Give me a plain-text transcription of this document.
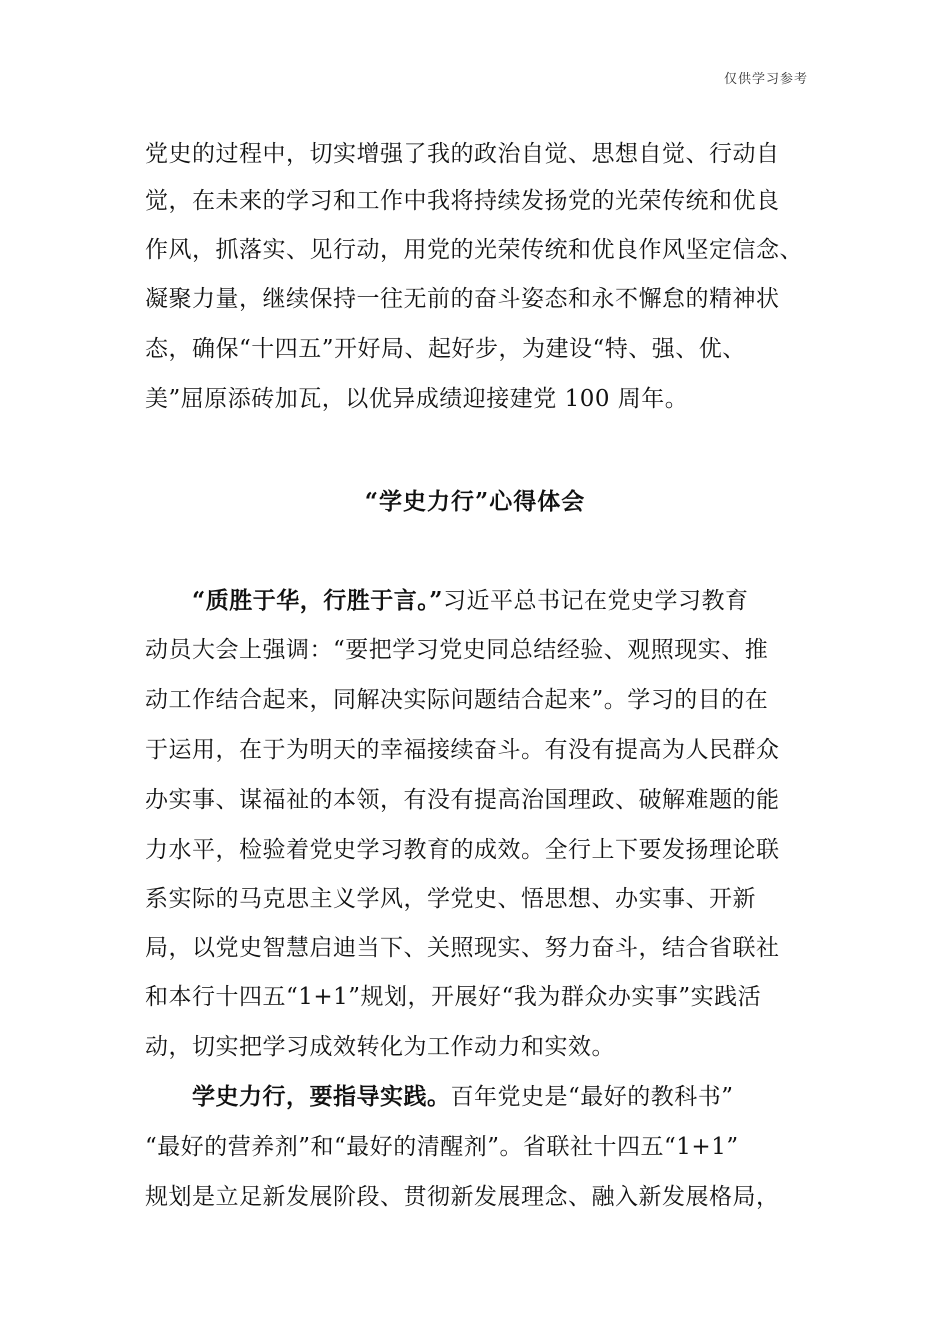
仅供学习参考
党史的过程中，切实增强了我的政治自觉、思想自觉、行动自
觉，在未来的学习和工作中我将持续发扬党的光荣传统和优良
作风，抓落实、见行动，用党的光荣传统和优良作风坚定信念、
凝聚力量，继续保持一往无前的奋斗姿态和永不懈怠的精神状
态，确保“十四五”开好局、起好步，为建设“特、强、优、
美”屈原添砖加瓦，以优异成绩迎接建党 100 周年。
“学史力行”心得体会
“质胜于华，行胜于言。”习近平总书记在党史学习教育
动员大会上强调：“要把学习党史同总结经验、观照现实、推
动工作结合起来，同解决实际问题结合起来”。学习的目的在
于运用，在于为明天的幸福接续奋斗。有没有提高为人民群众
办实事、谋福祉的本领，有没有提高治国理政、破解难题的能
力水平，检验着党史学习教育的成效。全行上下要发扬理论联
系实际的马克思主义学风，学党史、悟思想、办实事、开新
局，以党史智慧启迪当下、关照现实、努力奋斗，结合省联社
和本行十四五“1+1”规划，开展好“我为群众办实事”实践活
动，切实把学习成效转化为工作动力和实效。
学史力行，要指导实践。百年党史是“最好的教科书”
“最好的营养剂”和“最好的清醒剂”。省联社十四五“1+1”
规划是立足新发展阶段、贯彻新发展理念、融入新发展格局，
